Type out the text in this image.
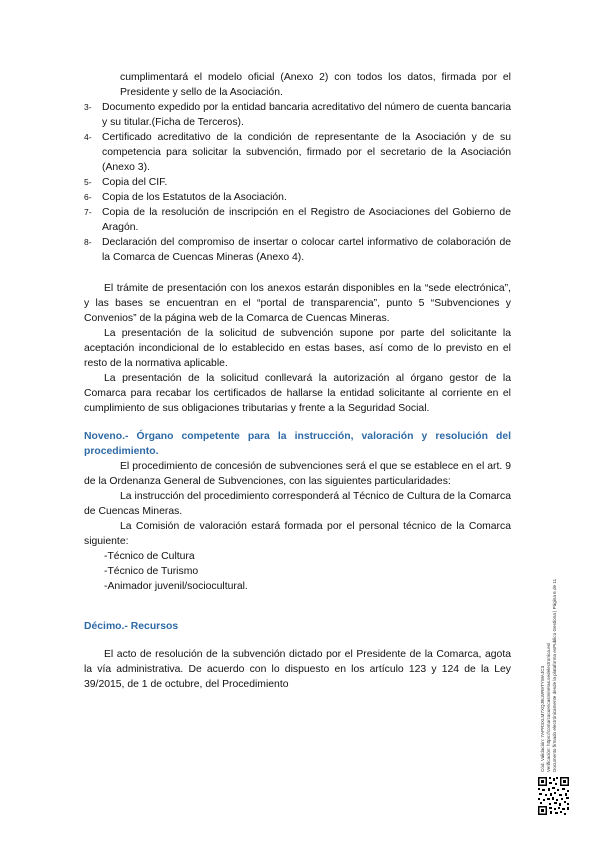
cumplimentará el modelo oficial (Anexo 2) con todos los datos, firmada por el Presidente y sello de la Asociación.

3-	Documento expedido por la entidad bancaria acreditativo del número de cuenta bancaria y su titular.(Ficha de Terceros).
4-	Certificado acreditativo de la condición de representante de la Asociación y de su competencia para solicitar la subvención, firmado por el secretario de la Asociación (Anexo 3).
5-	Copia del CIF.
6-	Copia de los Estatutos de la Asociación.
7-	Copia de la resolución de inscripción en el Registro de Asociaciones del Gobierno de Aragón.
8-	Declaración del compromiso de insertar o colocar cartel informativo de colaboración de la Comarca de Cuencas Mineras (Anexo 4).

El trámite de presentación con los anexos estarán disponibles en la “sede electrónica”, y las bases se encuentran en el “portal de transparencia”, punto 5 “Subvenciones y Convenios” de la página web de la Comarca de Cuencas Mineras.

La presentación de la solicitud de subvención supone por parte del solicitante la aceptación incondicional de lo establecido en estas bases, así como de lo previsto en el resto de la normativa aplicable.

La presentación de la solicitud conllevará la autorización al órgano gestor de la Comarca para recabar los certificados de hallarse la entidad solicitante al corriente en el cumplimiento de sus obligaciones tributarias y frente a la Seguridad Social.

Noveno.- Órgano competente para la instrucción, valoración y resolución del procedimiento.

El procedimiento de concesión de subvenciones será el que se establece en el art. 9 de la Ordenanza General de Subvenciones, con las siguientes particularidades:

La instrucción del procedimiento corresponderá al Técnico de Cultura de la Comarca de Cuencas Mineras.

La Comisión de valoración estará formada por el personal técnico de la Comarca siguiente:

-Técnico de Cultura
-Técnico de Turismo
-Animador juvenil/sociocultural.

Décimo.- Recursos

El acto de resolución de la subvención dictado por el Presidente de la Comarca, agota la vía administrativa. De acuerdo con lo dispuesto en los artículo 123 y 124 de la Ley 39/2015, de 1 de octubre, del Procedimiento	Cód. Validación: 7APR3XLM7XQJ9LWR9TYWAJC3 Verificación: https://comarcacuencasmineras.sedelectronica.es/ Documento firmado electrónicamente desde la plataforma esPublico Gestiona | Página 6 de 11
